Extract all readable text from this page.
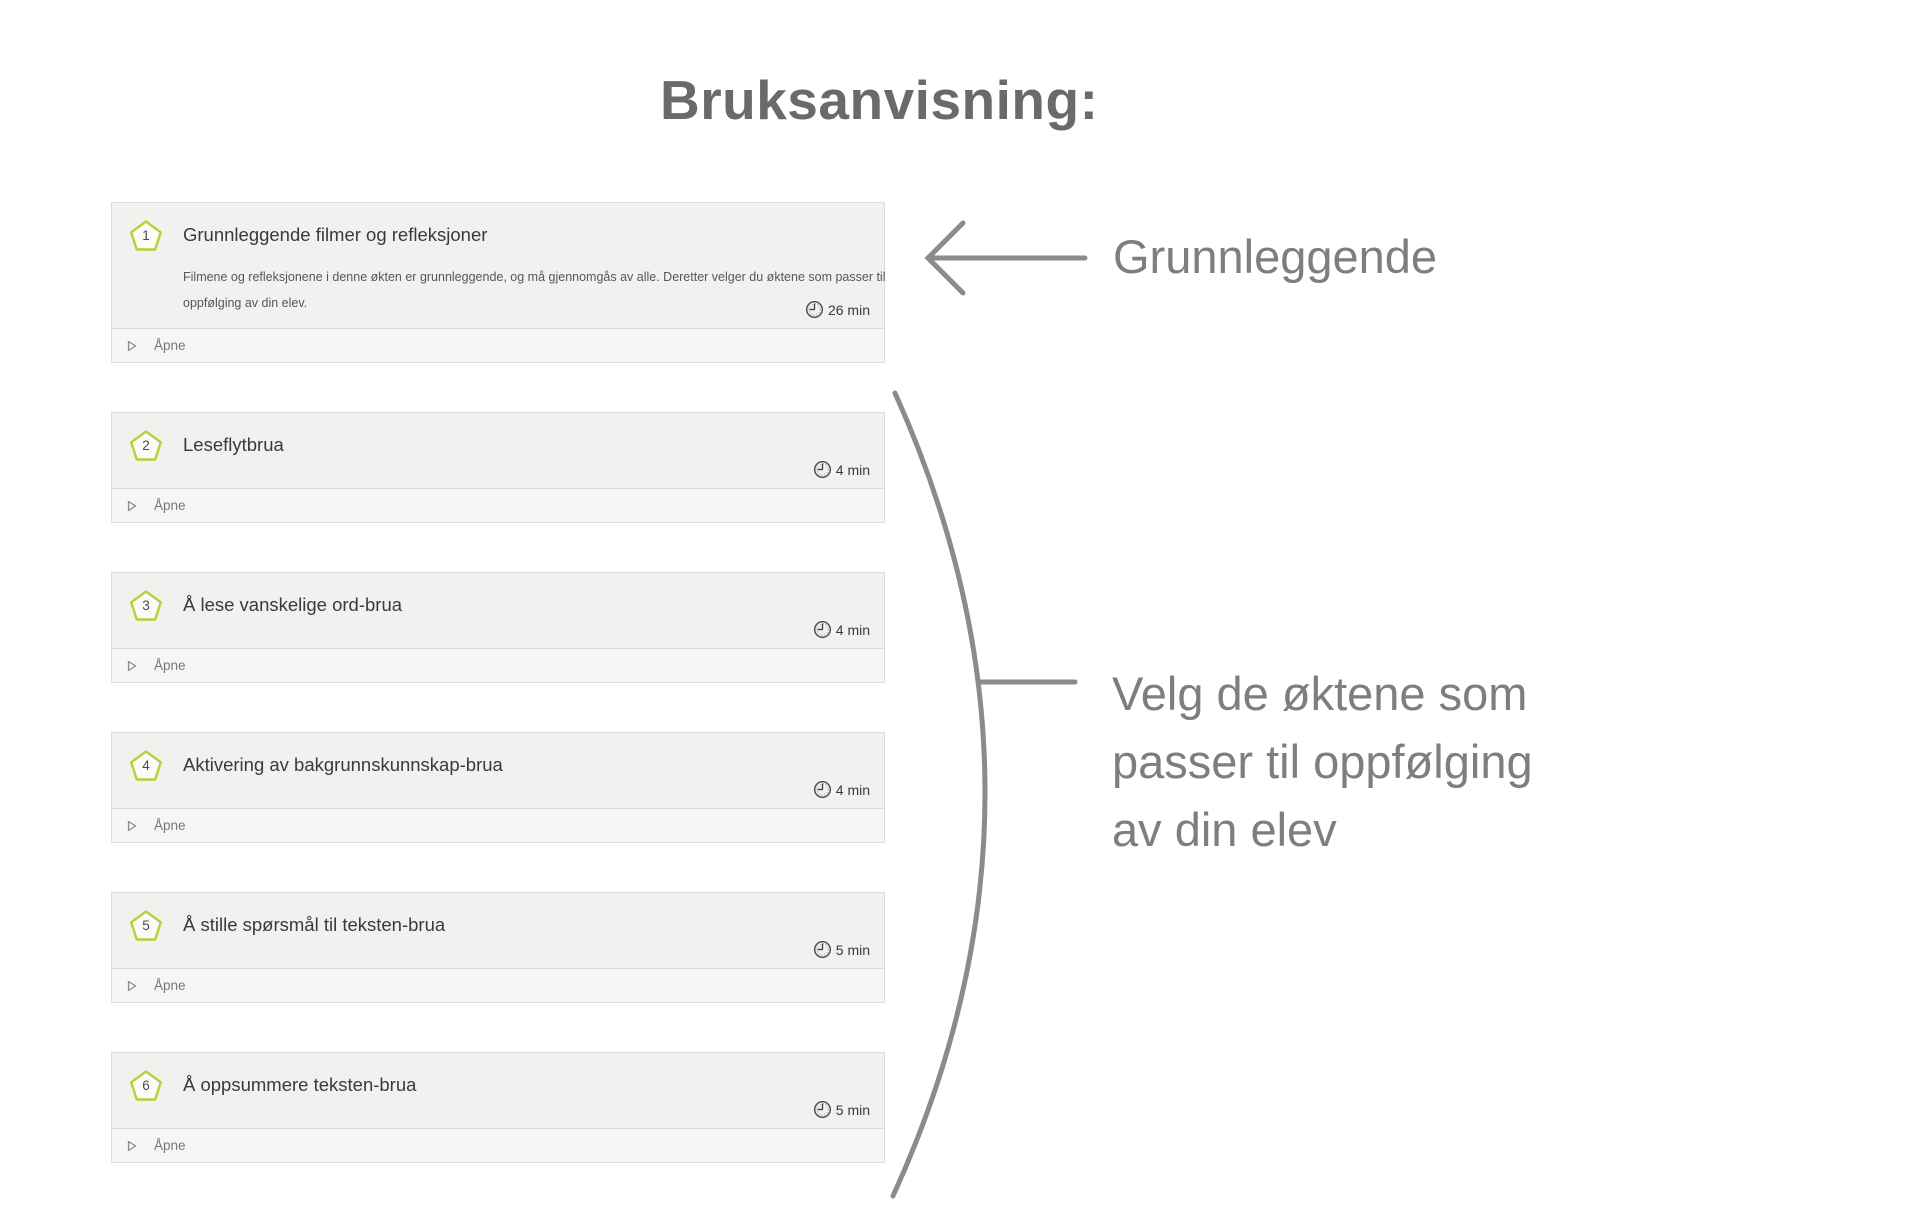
Bruksanvisning:
1	Grunnleggende filmer og refleksjoner
Filmene og refleksjonene i denne økten er grunnleggende, og må gjennomgås av alle. Deretter velger du øktene som passer til oppfølging av din elev.	26 min
Åpne
2	Leseflytbrua
4 min
Åpne
3	Å lese vanskelige ord-brua
4 min
Åpne
4	Aktivering av bakgrunnskunnskap-brua
4 min
Åpne
5	Å stille spørsmål til teksten-brua
5 min
Åpne
6	Å oppsummere teksten-brua
5 min
Åpne
Grunnleggende
Velg de øktene som
passer til oppfølging
av din elev
